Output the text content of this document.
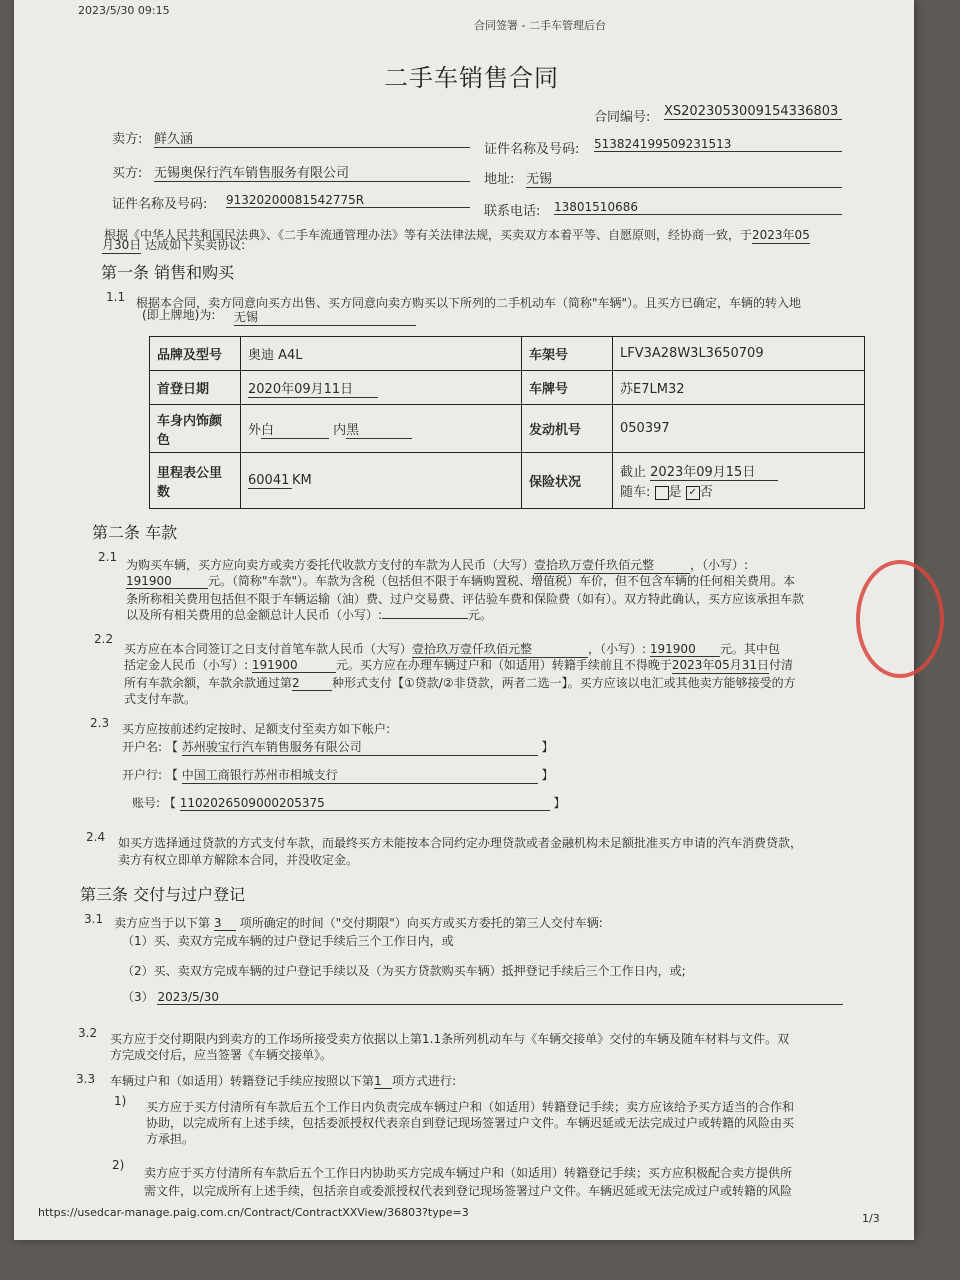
2023/5/30 09:15
合同签署 - 二手车管理后台
二手车销售合同
合同编号: XS2023053009154336803
卖方: 鲜久涵
证件名称及号码: 513824199509231513
买方: 无锡奥保行汽车销售服务有限公司	地址: 无锡
证件名称及号码: 91320200081542775R
联系电话: 13801510686
根据《中华人民共和国民法典》、《二手车流通管理办法》等有关法律法规，买卖双方本着平等、自愿原则，经协商一致，于2023年05
月30日 达成如下买卖协议:
第一条 销售和购买
1.1 根据本合同，卖方同意向买方出售、买方同意向卖方购买以下所列的二手机动车（简称"车辆"）。且买方已确定，车辆的转入地
(即上牌地)为: 无锡
品牌及型号	奥迪 A4L	车架号	LFV3A28W3L3650709
首登日期	2020年09月11日	车牌号	苏E7LM32
车身内饰颜色	外白 内黑	发动机号	050397
里程表公里数	60041 KM	保险状况	截止 2023年09月15日
随车: 是 ✓ 否
第二条 车款
2.1
为购买车辆，买方应向卖方或卖方委托代收款方支付的车款为人民币（大写）壹拾玖万壹仟玖佰元整	，（小写）:
191900	元。（简称"车款"）。车款为含税（包括但不限于车辆购置税、增值税）车价，但不包含车辆的任何相关费用。本
条所称相关费用包括但不限于车辆运输（油）费、过户交易费、评估验车费和保险费（如有）。双方特此确认，买方应该承担车款
以及所有相关费用的总金额总计人民币（小写）:	元。
2.2
买方应在本合同签订之日支付首笔车款人民币（大写）壹拾玖万壹仟玖佰元整	，（小写）: 191900 元。其中包
括定金人民币（小写）: 191900	元。买方应在办理车辆过户和（如适用）转籍手续前且不得晚于2023年05月31日付清
所有车款余额，车款余款通过第2	种形式支付【①贷款/②非贷款，两者二选一】。买方应该以电汇或其他卖方能够接受的方
式支付车款。
2.3 买方应按前述约定按时、足额支付至卖方如下帐户:
开户名: 【 苏州骏宝行汽车销售服务有限公司	】
开户行: 【 中国工商银行苏州市相城支行	】
账号: 【 1102026509000205375	】
2.4 如买方选择通过贷款的方式支付车款，而最终买方未能按本合同约定办理贷款或者金融机构未足额批准买方申请的汽车消费贷款，
卖方有权立即单方解除本合同，并没收定金。
第三条 交付与过户登记
3.1 卖方应当于以下第 3 项所确定的时间（"交付期限"）向买方或买方委托的第三人交付车辆:
（1）买、卖双方完成车辆的过户登记手续后三个工作日内，或
（2）买、卖双方完成车辆的过户登记手续以及（为买方贷款购买车辆）抵押登记手续后三个工作日内，或;
（3） 2023/5/30
3.2 买方应于交付期限内到卖方的工作场所接受卖方依据以上第1.1条所列机动车与《车辆交接单》交付的车辆及随车材料与文件。双
方完成交付后，应当签署《车辆交接单》。
3.3 车辆过户和（如适用）转籍登记手续应按照以下第1 项方式进行:
1) 买方应于买方付清所有车款后五个工作日内负责完成车辆过户和（如适用）转籍登记手续；卖方应该给予买方适当的合作和
协助，以完成所有上述手续，包括委派授权代表亲自到登记现场签署过户文件。车辆迟延或无法完成过户或转籍的风险由买
方承担。
2)
卖方应于买方付清所有车款后五个工作日内协助买方完成车辆过户和（如适用）转籍登记手续；买方应积极配合卖方提供所
需文件，以完成所有上述手续，包括亲自或委派授权代表到登记现场签署过户文件。车辆迟延或无法完成过户或转籍的风险
https://usedcar-manage.paig.com.cn/Contract/ContractXXView/36803?type=3	1/3
